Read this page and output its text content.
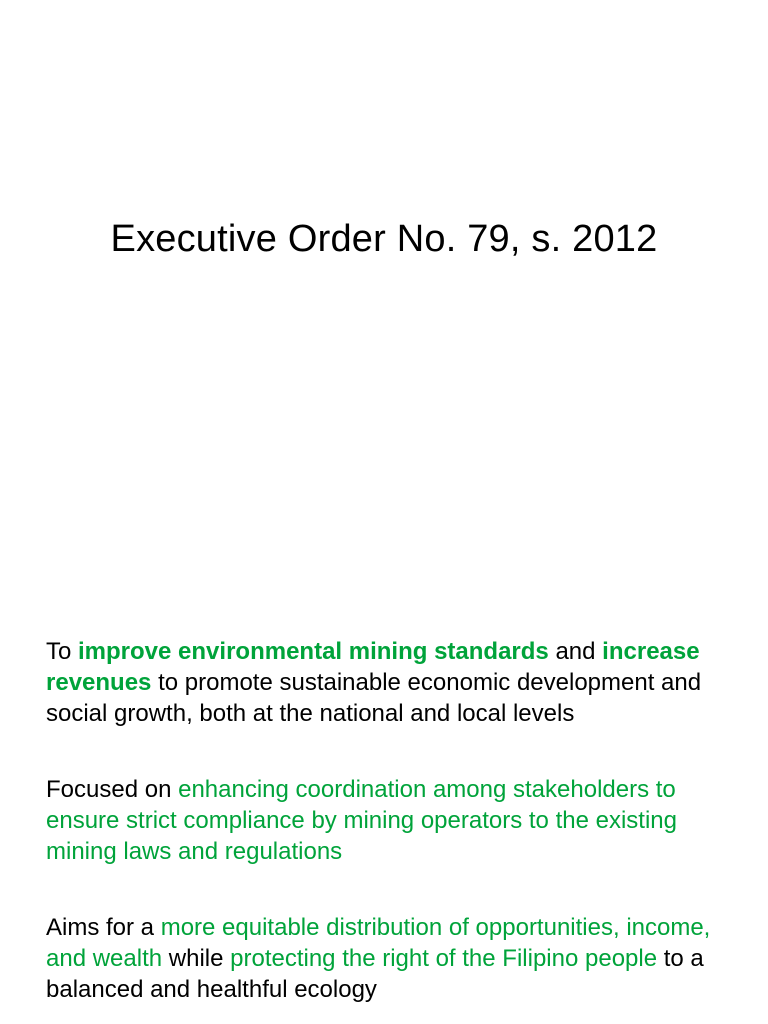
Executive Order No. 79, s. 2012

To improve environmental mining standards and increase revenues to promote sustainable economic development and social growth, both at the national and local levels

Focused on enhancing coordination among stakeholders to ensure strict compliance by mining operators to the existing mining laws and regulations

Aims for a more equitable distribution of opportunities, income, and wealth while protecting the right of the Filipino people to a balanced and healthful ecology
